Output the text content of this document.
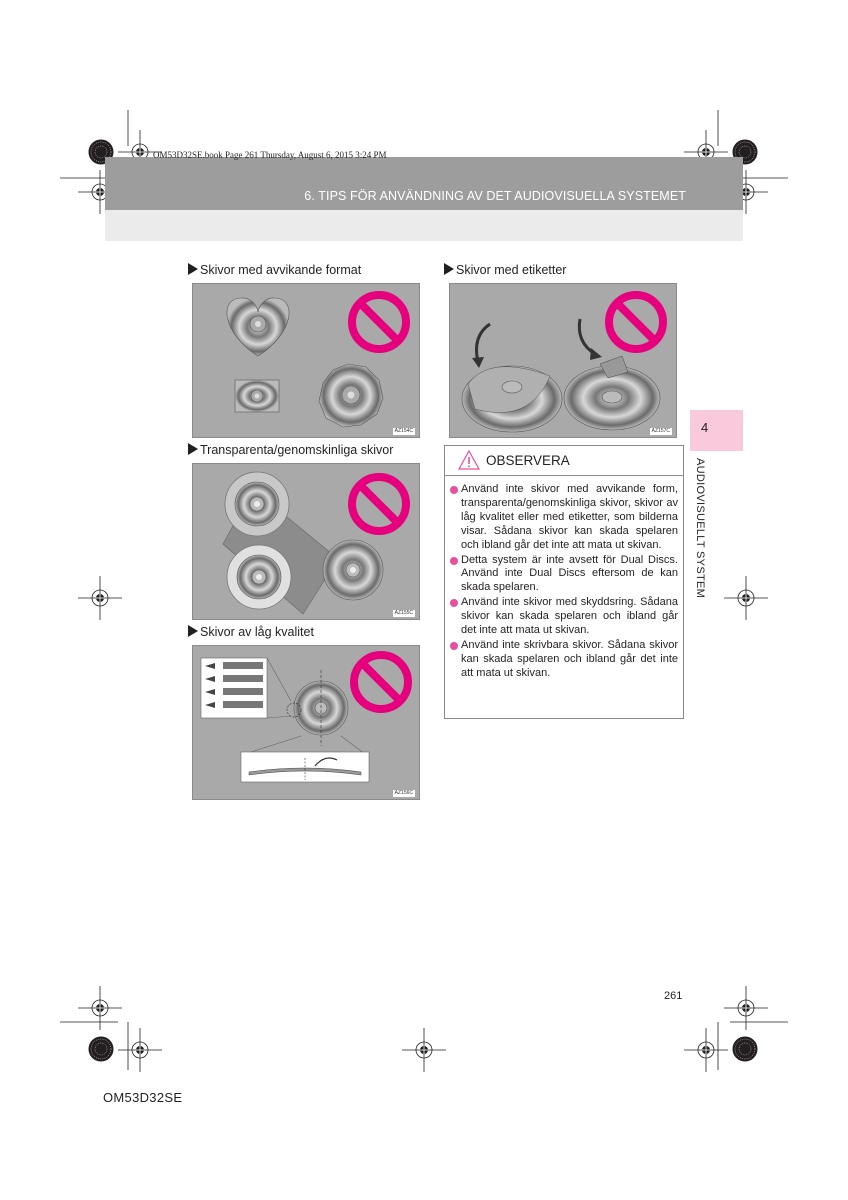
OM53D32SE.book Page 261 Thursday, August 6, 2015 3:24 PM
6. TIPS FÖR ANVÄNDNING AV DET AUDIOVISUELLA SYSTEMET
Skivor med avvikande format
AZ154C
Transparenta/genomskinliga skivor
AZ155C
Skivor av låg kvalitet
AZ156C
Skivor med etiketter
AZ157C
OBSERVERA
Använd inte skivor med avvikande form, transparenta/genomskinliga skivor, skivor av låg kvalitet eller med etiketter, som bilderna visar. Sådana skivor kan skada spelaren och ibland går det inte att mata ut skivan.
Detta system är inte avsett för Dual Discs. Använd inte Dual Discs eftersom de kan skada spelaren.
Använd inte skivor med skyddsring. Sådana skivor kan skada spelaren och ibland går det inte att mata ut skivan.
Använd inte skrivbara skivor. Sådana skivor kan skada spelaren och ibland går det inte att mata ut skivan.
4
AUDIOVISUELLT SYSTEM
261
OM53D32SE
